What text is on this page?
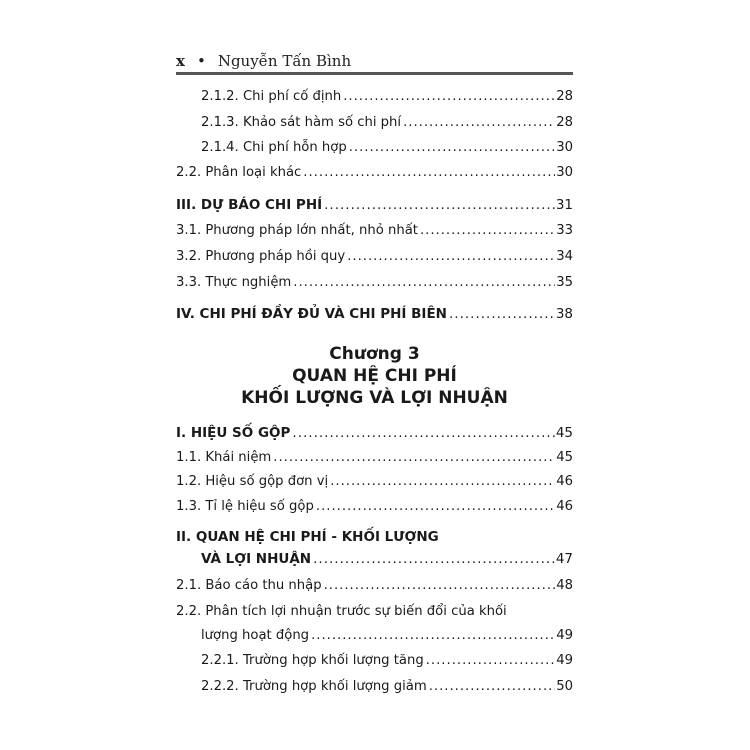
x • Nguyễn Tấn Bình
2.1.2. Chi phí cố định .....	28
2.1.3. Khảo sát hàm số chi phí .....	28
2.1.4. Chi phí hỗn hợp .....	30
2.2. Phân loại khác .....	30
III. DỰ BÁO CHI PHÍ .....	31
3.1. Phương pháp lớn nhất, nhỏ nhất .....	33
3.2. Phương pháp hồi quy .....	34
3.3. Thực nghiệm .....	35
IV. CHI PHÍ ĐẦY ĐỦ VÀ CHI PHÍ BIÊN .....	38
Chương 3
QUAN HỆ CHI PHÍ
KHỐI LƯỢNG VÀ LỢI NHUẬN
I. HIỆU SỐ GỘP .....	45
1.1. Khái niệm .....	45
1.2. Hiệu số gộp đơn vị .....	46
1.3. Tỉ lệ hiệu số gộp .....	46
II. QUAN HỆ CHI PHÍ - KHỐI LƯỢNG
VÀ LỢI NHUẬN .....	47
2.1. Báo cáo thu nhập .....	48
2.2. Phân tích lợi nhuận trước sự biến đổi của khối
lượng hoạt động .....	49
2.2.1. Trường hợp khối lượng tăng .....	49
2.2.2. Trường hợp khối lượng giảm .....	50
